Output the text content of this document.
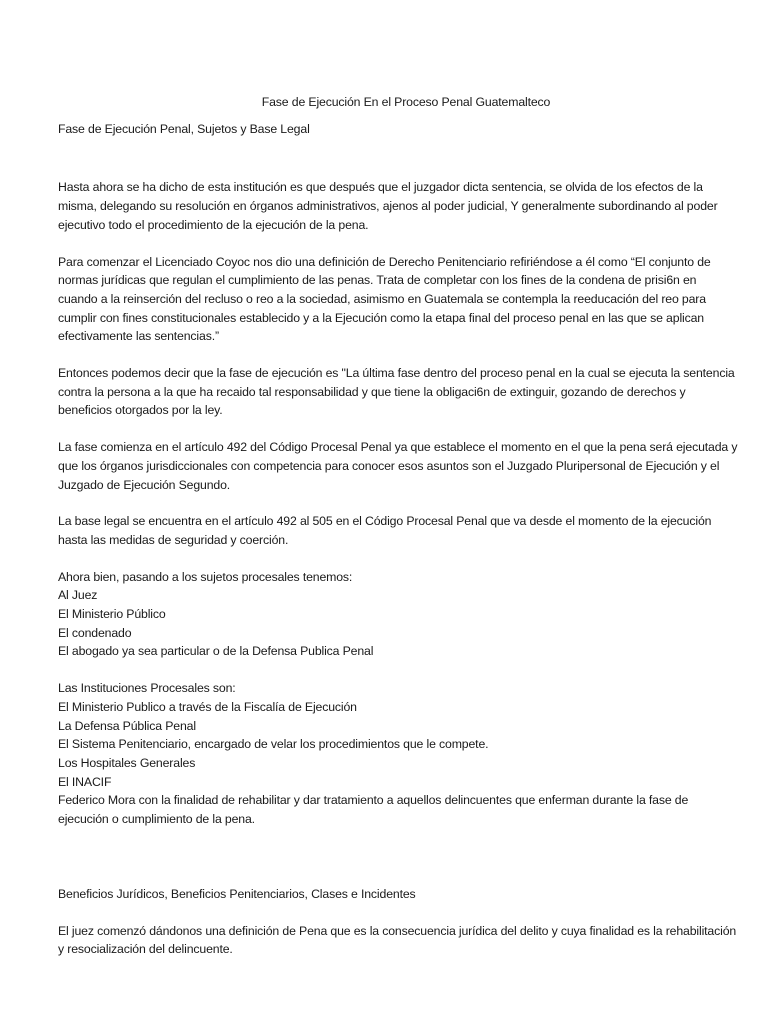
Fase de Ejecución En el Proceso Penal Guatemalteco
Fase de Ejecución Penal, Sujetos y Base Legal

Hasta ahora se ha dicho de esta institución es que después que el juzgador dicta sentencia, se olvida de los efectos de la misma, delegando su resolución en órganos administrativos, ajenos al poder judicial, Y generalmente subordinando al poder ejecutivo todo el procedimiento de la ejecución de la pena.

Para comenzar el Licenciado Coyoc nos dio una definición de Derecho Penitenciario refiriéndose a él como “El conjunto de normas jurídicas que regulan el cumplimiento de las penas. Trata de completar con los fines de la condena de prisi6n en cuando a la reinserción del recluso o reo a la sociedad, asimismo en Guatemala se contempla la reeducación del reo para cumplir con fines constitucionales establecido y a la Ejecución como la etapa final del proceso penal en las que se aplican efectivamente las sentencias.”

Entonces podemos decir que la fase de ejecución es "La última fase dentro del proceso penal en la cual se ejecuta la sentencia contra la persona a la que ha recaido tal responsabilidad y que tiene la obligaci6n de extinguir, gozando de derechos y beneficios otorgados por la ley.

La fase comienza en el artículo 492 del Código Procesal Penal ya que establece el momento en el que la pena será ejecutada y que los órganos jurisdiccionales con competencia para conocer esos asuntos son el Juzgado Pluripersonal de Ejecución y el Juzgado de Ejecución Segundo.

La base legal se encuentra en el artículo 492 al 505 en el Código Procesal Penal que va desde el momento de la ejecución hasta las medidas de seguridad y coerción.

Ahora bien, pasando a los sujetos procesales tenemos:

Al Juez
El Ministerio Público
El condenado
El abogado ya sea particular o de la Defensa Publica Penal

Las Instituciones Procesales son:

El Ministerio Publico a través de la Fiscalía de Ejecución
La Defensa Pública Penal
El Sistema Penitenciario, encargado de velar los procedimientos que le compete.
Los Hospitales Generales
El INACIF
Federico Mora con la finalidad de rehabilitar y dar tratamiento a aquellos delincuentes que enferman durante la fase de ejecución o cumplimiento de la pena.
Beneficios Jurídicos, Beneficios Penitenciarios, Clases e Incidentes

El juez comenzó dándonos una definición de Pena que es la consecuencia jurídica del delito y cuya finalidad es la rehabilitación y resocialización del delincuente.
